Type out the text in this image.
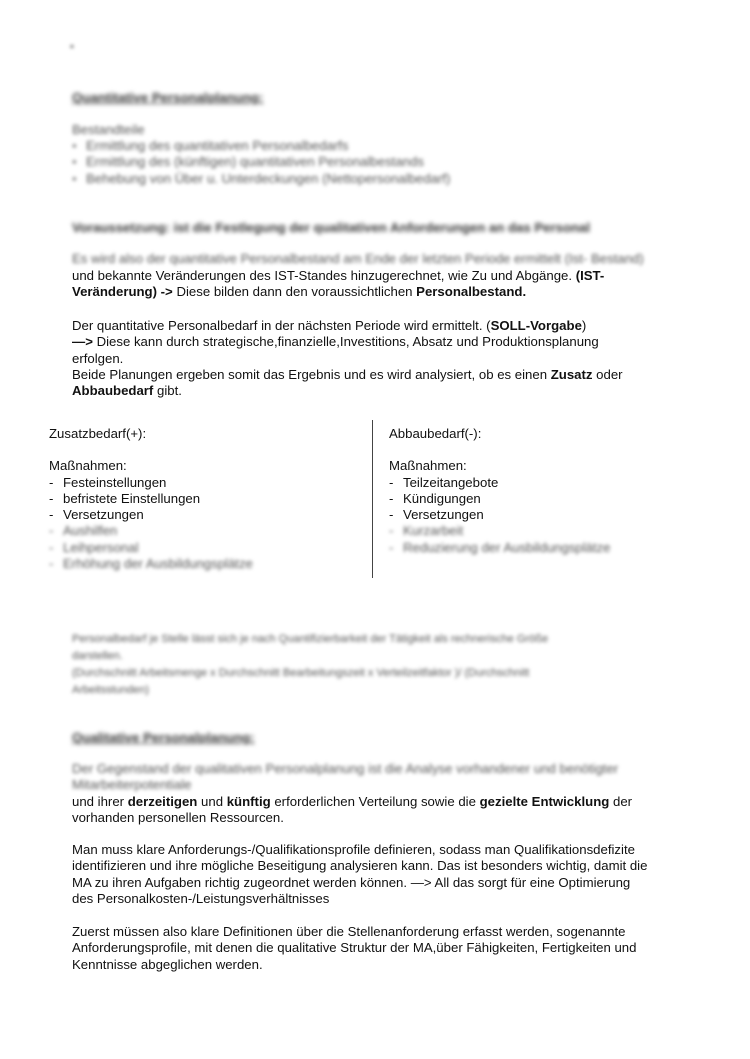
•
Quantitative Personalplanung:
Bestandteile
▪ Ermittlung des quantitativen Personalbedarfs
▪ Ermittlung des (künftigen) quantitativen Personalbestands
▪ Behebung von Über u. Unterdeckungen (Nettopersonalbedarf)
Voraussetzung: ist die Festlegung der qualitativen Anforderungen an das Personal
Es wird also der quantitative Personalbestand am Ende der letzten Periode ermittelt (Ist- Bestand)
und bekannte Veränderungen des IST-Standes hinzugerechnet, wie Zu und Abgänge. (IST-
Veränderung) -> Diese bilden dann den voraussichtlichen Personalbestand.
Der quantitative Personalbedarf in der nächsten Periode wird ermittelt. (SOLL-Vorgabe)
—> Diese kann durch strategische,finanzielle,Investitions, Absatz und Produktionsplanung
erfolgen.
Beide Planungen ergeben somit das Ergebnis und es wird analysiert, ob es einen Zusatz oder
Abbaubedarf gibt.
Zusatzbedarf(+):
Maßnahmen:
- Festeinstellungen
- befristete Einstellungen
- Versetzungen
- Aushilfen
- Leihpersonal
- Erhöhung der Ausbildungsplätze
Abbaubedarf(-):
Maßnahmen:
- Teilzeitangebote
- Kündigungen
- Versetzungen
- Kurzarbeit
- Reduzierung der Ausbildungsplätze
Personalbedarf je Stelle lässt sich je nach Quantifizierbarkeit der Tätigkeit als rechnerische Größe
darstellen.
(Durchschnitt Arbeitsmenge x Durchschnitt Bearbeitungszeit x Verteilzeitfaktor )/ (Durchschnitt
Arbeitsstunden)
Qualitative Personalplanung:
Der Gegenstand der qualitativen Personalplanung ist die Analyse vorhandener und benötigter
Mitarbeiterpotentiale
und ihrer derzeitigen und künftig erforderlichen Verteilung sowie die gezielte Entwicklung der
vorhanden personellen Ressourcen.
Man muss klare Anforderungs-/Qualifikationsprofile definieren, sodass man Qualifikationsdefizite
identifizieren und ihre mögliche Beseitigung analysieren kann. Das ist besonders wichtig, damit die
MA zu ihren Aufgaben richtig zugeordnet werden können. —> All das sorgt für eine Optimierung
des Personalkosten-/Leistungsverhältnisses
Zuerst müssen also klare Definitionen über die Stellenanforderung erfasst werden, sogenannte
Anforderungsprofile, mit denen die qualitative Struktur der MA,über Fähigkeiten, Fertigkeiten und
Kenntnisse abgeglichen werden.
